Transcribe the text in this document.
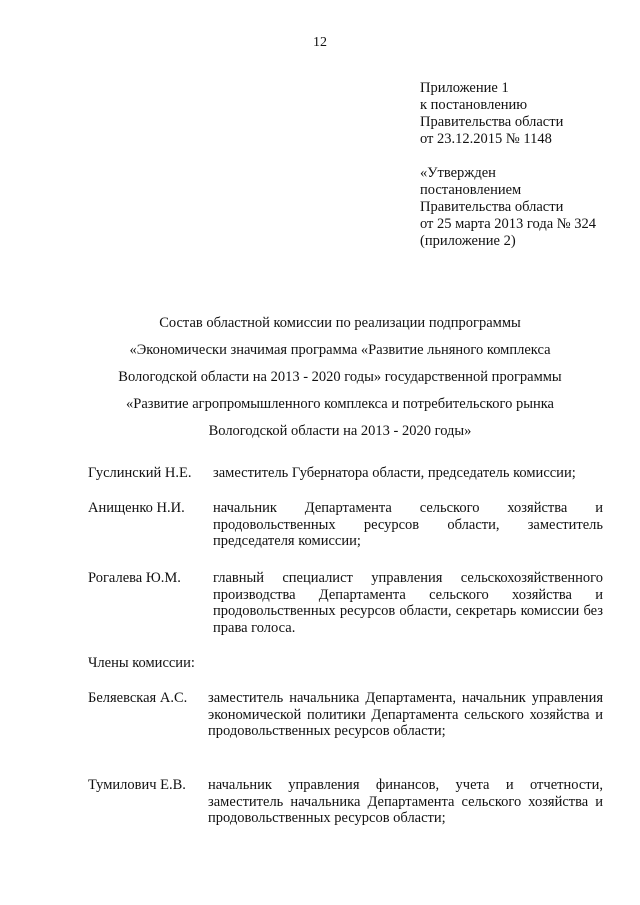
12
Приложение 1
к постановлению
Правительства области
от 23.12.2015 № 1148
«Утвержден
постановлением
Правительства области
от 25 марта 2013 года № 324
(приложение 2)
Состав областной комиссии по реализации подпрограммы
«Экономически значимая программа «Развитие льняного комплекса
Вологодской области на 2013 - 2020 годы» государственной программы
«Развитие агропромышленного комплекса и потребительского рынка
Вологодской области на 2013 - 2020 годы»
Гуслинский Н.Е. заместитель Губернатора области, председатель комиссии;
Анищенко Н.И. начальник Департамента сельского хозяйства и продовольственных ресурсов области, заместитель председателя комиссии;
Рогалева Ю.М. главный специалист управления сельскохозяйственного производства Департамента сельского хозяйства и продовольственных ресурсов области, секретарь комиссии без права голоса.
Члены комиссии:
Беляевская А.С. заместитель начальника Департамента, начальник управления экономической политики Департамента сельского хозяйства и продовольственных ресурсов области;
Тумилович Е.В. начальник управления финансов, учета и отчетности, заместитель начальника Департамента сельского хозяйства и продовольственных ресурсов области;
